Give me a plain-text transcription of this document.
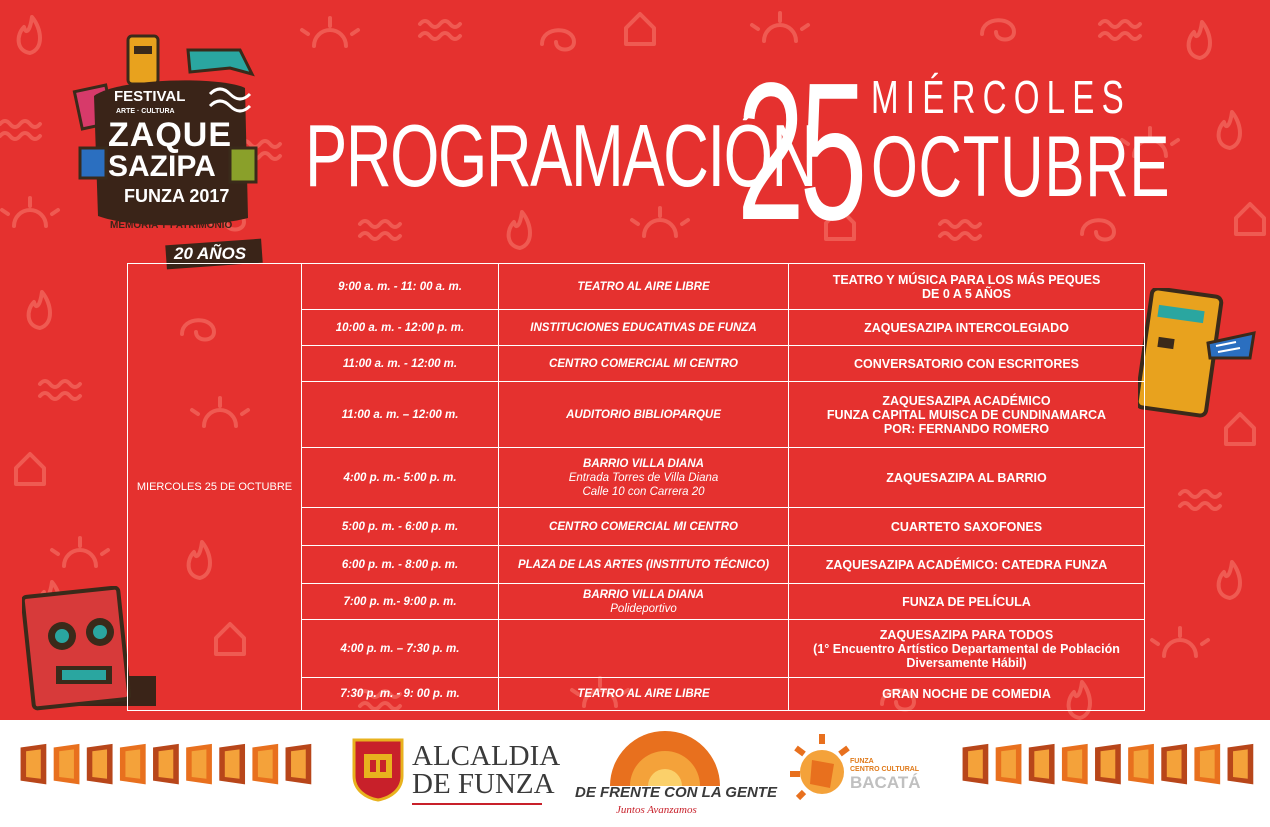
FESTIVAL
ARTE · CULTURA
ZAQUE
SAZIPA
FUNZA 2017
MEMORIA Y PATRIMONIO
20 AÑOS
PROGRAMACIÓN
25 MIÉRCOLES
OCTUBRE
MIERCOLES 25 DE OCTUBRE	9:00 a. m. - 11: 00 a. m.	TEATRO AL AIRE LIBRE	TEATRO Y MÚSICA PARA LOS MÁS PEQUES
DE 0 A 5 AÑOS

	10:00 a. m. - 12:00 p. m.	INSTITUCIONES EDUCATIVAS DE FUNZA	ZAQUESAZIPA INTERCOLEGIADO

	11:00 a. m. - 12:00 m.	CENTRO COMERCIAL MI CENTRO	CONVERSATORIO CON ESCRITORES

	11:00 a. m. – 12:00 m.	AUDITORIO BIBLIOPARQUE	ZAQUESAZIPA ACADÉMICO
FUNZA CAPITAL MUISCA DE CUNDINAMARCA
POR: FERNANDO ROMERO

	4:00 p. m.- 5:00 p. m.	BARRIO VILLA DIANA
Entrada Torres de Villa Diana
Calle 10 con Carrera 20	ZAQUESAZIPA AL BARRIO

	5:00 p. m. - 6:00 p. m.	CENTRO COMERCIAL MI CENTRO	CUARTETO SAXOFONES

	6:00 p. m. - 8:00 p. m.	PLAZA DE LAS ARTES (INSTITUTO TÉCNICO)	ZAQUESAZIPA ACADÉMICO: CATEDRA FUNZA

	7:00 p. m.- 9:00 p. m.	BARRIO VILLA DIANA
Polideportivo	FUNZA DE PELÍCULA

	4:00 p. m. – 7:30 p. m.		ZAQUESAZIPA PARA TODOS
(1° Encuentro Artístico Departamental de Población
Diversamente Hábil)

	7:30 p. m. - 9: 00 p. m.	TEATRO AL AIRE LIBRE	GRAN NOCHE DE COMEDIA
ALCALDIA
DE FUNZA	DE FRENTE CON LA GENTE
Juntos Avanzamos
FUNZA
CENTRO CULTURAL
BACATÁ
